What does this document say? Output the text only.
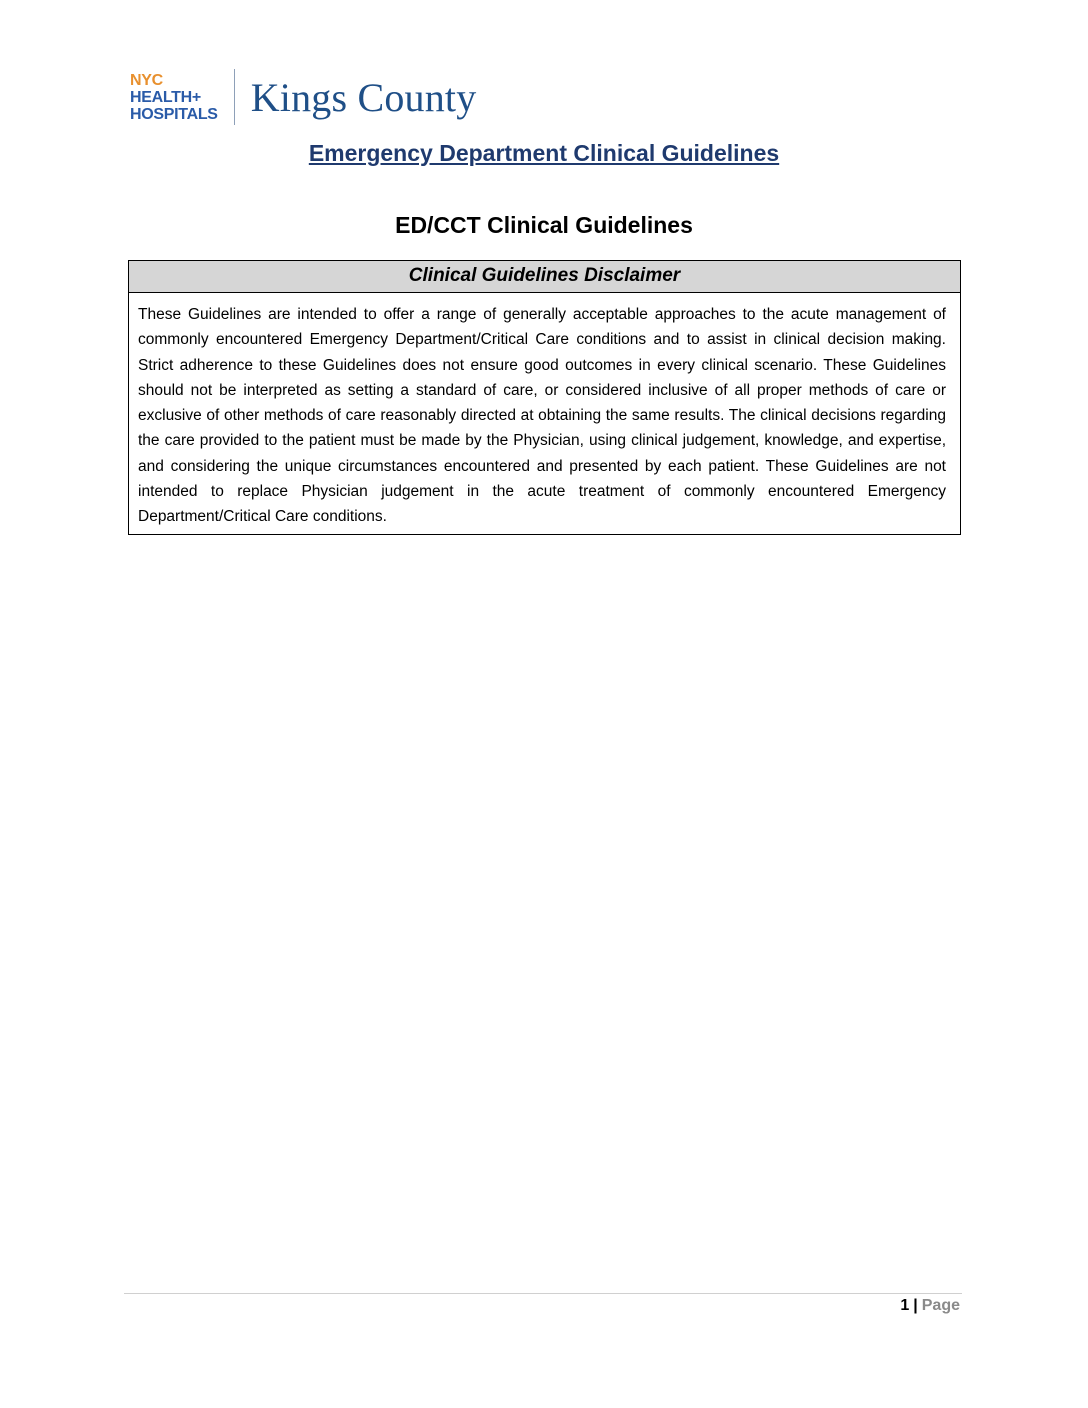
NYC
HEALTH+
HOSPITALS Kings County
Emergency Department Clinical Guidelines
ED/CCT Clinical Guidelines
Clinical Guidelines Disclaimer
These Guidelines are intended to offer a range of generally acceptable approaches to the acute management of commonly encountered Emergency Department/Critical Care conditions and to assist in clinical decision making. Strict adherence to these Guidelines does not ensure good outcomes in every clinical scenario. These Guidelines should not be interpreted as setting a standard of care, or considered inclusive of all proper methods of care or exclusive of other methods of care reasonably directed at obtaining the same results. The clinical decisions regarding the care provided to the patient must be made by the Physician, using clinical judgement, knowledge, and expertise, and considering the unique circumstances encountered and presented by each patient. These Guidelines are not intended to replace Physician judgement in the acute treatment of commonly encountered Emergency Department/Critical Care conditions.
1 | Page
